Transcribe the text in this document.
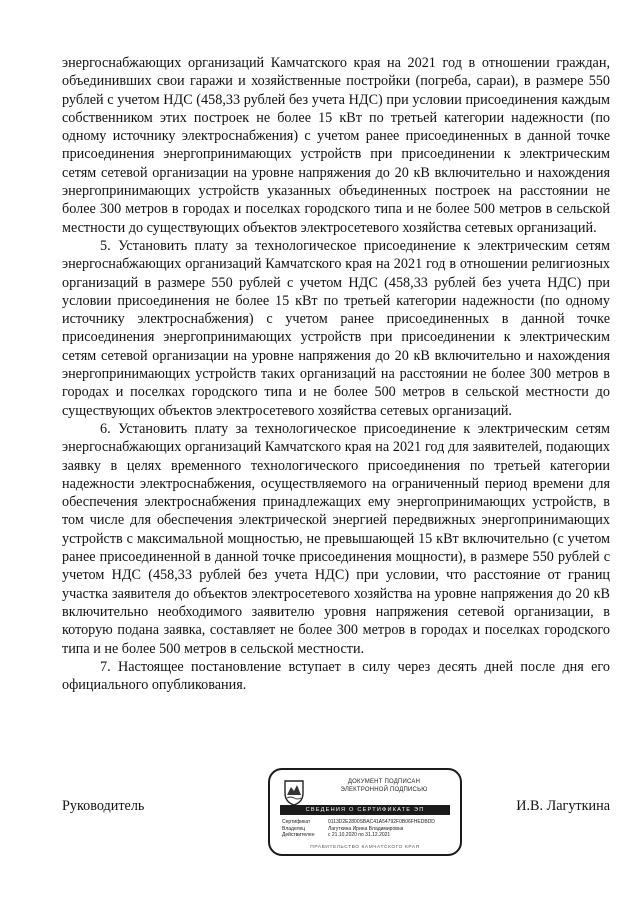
энергоснабжающих организаций Камчатского края на 2021 год в отношении граждан, объединивших свои гаражи и хозяйственные постройки (погреба, сараи), в размере 550 рублей с учетом НДС (458,33 рублей без учета НДС) при условии присоединения каждым собственником этих построек не более 15 кВт по третьей категории надежности (по одному источнику электроснабжения) с учетом ранее присоединенных в данной точке присоединения энергопринимающих устройств при присоединении к электрическим сетям сетевой организации на уровне напряжения до 20 кВ включительно и нахождения энергопринимающих устройств указанных объединенных построек на расстоянии не более 300 метров в городах и поселках городского типа и не более 500 метров в сельской местности до существующих объектов электросетевого хозяйства сетевых организаций.

5. Установить плату за технологическое присоединение к электрическим сетям энергоснабжающих организаций Камчатского края на 2021 год в отношении религиозных организаций в размере 550 рублей с учетом НДС (458,33 рублей без учета НДС) при условии присоединения не более 15 кВт по третьей категории надежности (по одному источнику электроснабжения) с учетом ранее присоединенных в данной точке присоединения энергопринимающих устройств при присоединении к электрическим сетям сетевой организации на уровне напряжения до 20 кВ включительно и нахождения энергопринимающих устройств таких организаций на расстоянии не более 300 метров в городах и поселках городского типа и не более 500 метров в сельской местности до существующих объектов электросетевого хозяйства сетевых организаций.

6. Установить плату за технологическое присоединение к электрическим сетям энергоснабжающих организаций Камчатского края на 2021 год для заявителей, подающих заявку в целях временного технологического присоединения по третьей категории надежности электроснабжения, осуществляемого на ограниченный период времени для обеспечения электроснабжения принадлежащих ему энергопринимающих устройств, в том числе для обеспечения электрической энергией передвижных энергопринимающих устройств с максимальной мощностью, не превышающей 15 кВт включительно (с учетом ранее присоединенной в данной точке присоединения мощности), в размере 550 рублей с учетом НДС (458,33 рублей без учета НДС) при условии, что расстояние от границ участка заявителя до объектов электросетевого хозяйства на уровне напряжения до 20 кВ включительно необходимого заявителю уровня напряжения сетевой организации, в которую подана заявка, составляет не более 300 метров в городах и поселках городского типа и не более 500 метров в сельской местности.

7. Настоящее постановление вступает в силу через десять дней после дня его официального опубликования.

Руководитель
ДОКУМЕНТ ПОДПИСАН
ЭЛЕКТРОННОЙ ПОДПИСЬЮ
СВЕДЕНИЯ О СЕРТИФИКАТЕ ЭП
Сертификат	0113D2E2800SBAC41A54792F0B06FHEDBDD
Владелец	Лагуткина Ирина Владимировна
Действителен	с 21.10.2020 по 31.12.2021
ПРАВИТЕЛЬСТВО КАМЧАТСКОГО КРАЯ
И.В. Лагуткина
